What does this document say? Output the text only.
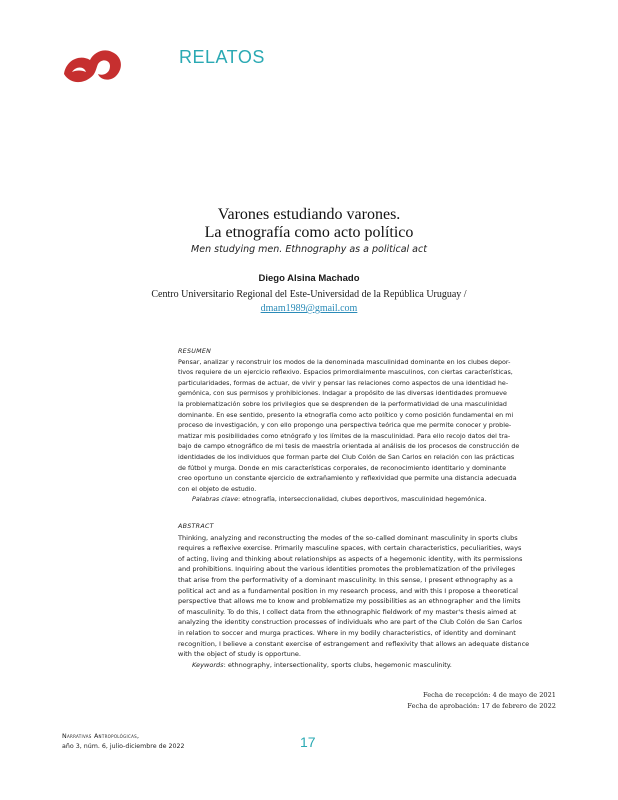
RELATOS
Varones estudiando varones.
La etnografía como acto político
Men studying men. Ethnography as a political act
Diego Alsina Machado
Centro Universitario Regional del Este-Universidad de la República Uruguay /
dmam1989@gmail.com
RESUMEN
Pensar, analizar y reconstruir los modos de la denominada masculinidad dominante en los clubes depor-
tivos requiere de un ejercicio reflexivo. Espacios primordialmente masculinos, con ciertas características,
particularidades, formas de actuar, de vivir y pensar las relaciones como aspectos de una identidad he-
gemónica, con sus permisos y prohibiciones. Indagar a propósito de las diversas identidades promueve
la problematización sobre los privilegios que se desprenden de la performatividad de una masculinidad
dominante. En ese sentido, presento la etnografía como acto político y como posición fundamental en mi
proceso de investigación, y con ello propongo una perspectiva teórica que me permite conocer y proble-
matizar mis posibilidades como etnógrafo y los límites de la masculinidad. Para ello recojo datos del tra-
bajo de campo etnográfico de mi tesis de maestría orientada al análisis de los procesos de construcción de
identidades de los individuos que forman parte del Club Colón de San Carlos en relación con las prácticas
de fútbol y murga. Donde en mis características corporales, de reconocimiento identitario y dominante
creo oportuno un constante ejercicio de extrañamiento y reflexividad que permite una distancia adecuada
con el objeto de estudio.
Palabras clave: etnografía, interseccionalidad, clubes deportivos, masculinidad hegemónica.
ABSTRACT
Thinking, analyzing and reconstructing the modes of the so-called dominant masculinity in sports clubs
requires a reflexive exercise. Primarily masculine spaces, with certain characteristics, peculiarities, ways
of acting, living and thinking about relationships as aspects of a hegemonic identity, with its permissions
and prohibitions. Inquiring about the various identities promotes the problematization of the privileges
that arise from the performativity of a dominant masculinity. In this sense, I present ethnography as a
political act and as a fundamental position in my research process, and with this I propose a theoretical
perspective that allows me to know and problematize my possibilities as an ethnographer and the limits
of masculinity. To do this, I collect data from the ethnographic fieldwork of my master's thesis aimed at
analyzing the identity construction processes of individuals who are part of the Club Colón de San Carlos
in relation to soccer and murga practices. Where in my bodily characteristics, of identity and dominant
recognition, I believe a constant exercise of estrangement and reflexivity that allows an adequate distance
with the object of study is opportune.
Keywords: ethnography, intersectionality, sports clubs, hegemonic masculinity.
Fecha de recepción: 4 de mayo de 2021
Fecha de aprobación: 17 de febrero de 2022
Narrativas Antropológicas,
año 3, núm. 6, julio-diciembre de 2022	17
